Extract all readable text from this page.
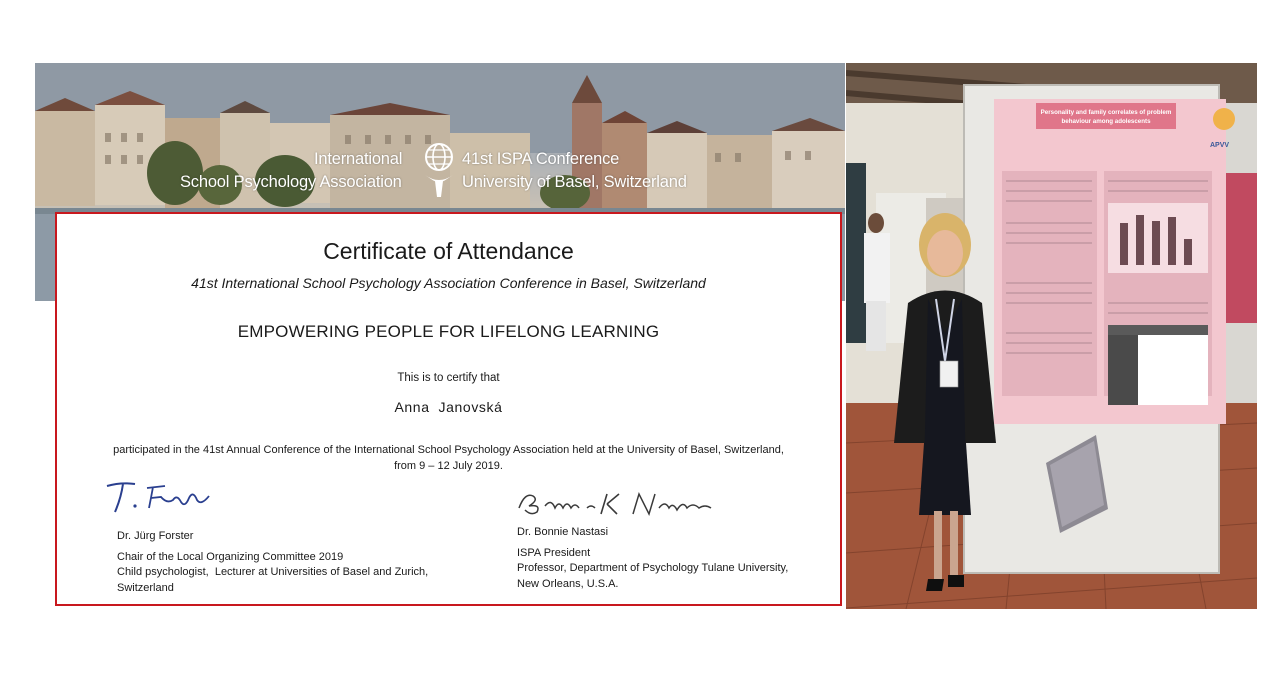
International
School Psychology Association
41st ISPA Conference
University of Basel, Switzerland
Certificate of Attendance
41st International School Psychology Association Conference in Basel, Switzerland
EMPOWERING PEOPLE FOR LIFELONG LEARNING
This is to certify that
Anna  Janovská
participated in the 41st Annual Conference of the International School Psychology Association held at the University of Basel, Switzerland,
from 9 – 12 July 2019.
Dr. Jürg Forster
Chair of the Local Organizing Committee 2019
Child psychologist,  Lecturer at Universities of Basel and Zurich,
Switzerland
Dr. Bonnie Nastasi
ISPA President
Professor, Department of Psychology Tulane University,
New Orleans, U.S.A.
Personality and family correlates of problem
behaviour among adolescents
APVV
